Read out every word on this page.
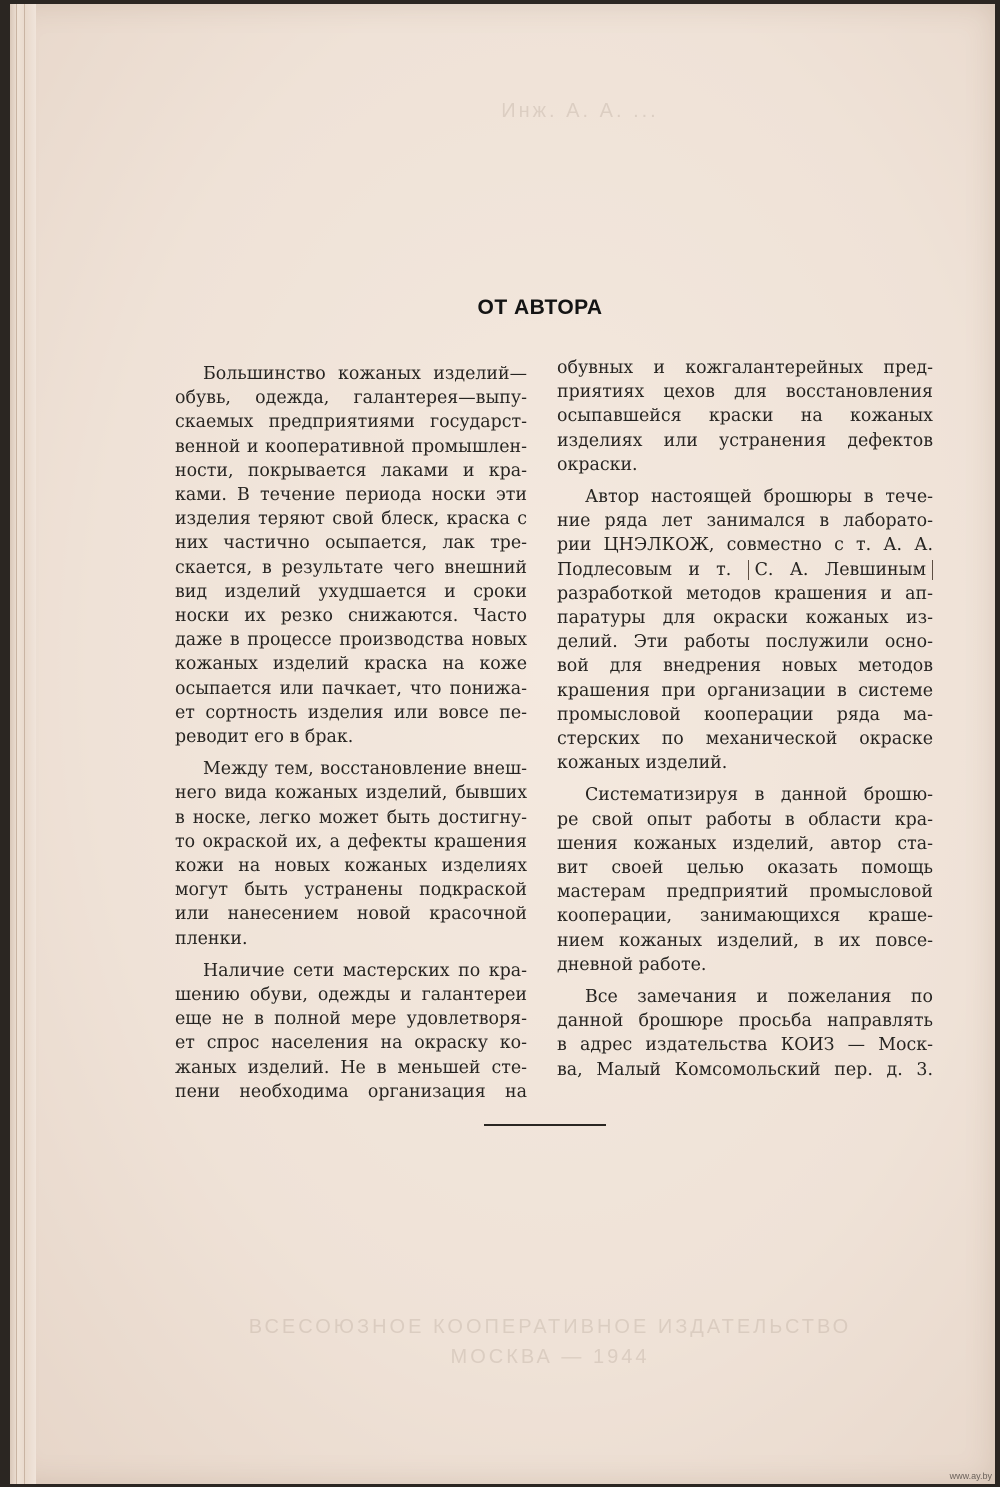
Инж. А. А. ...
ВСЕСОЮЗНОЕ КООПЕРАТИВНОЕ ИЗДАТЕЛЬСТВО
МОСКВА — 1944
ОТ АВТОРА
Большинство кожаных изделий—
обувь, одежда, галантерея—выпу-
скаемых предприятиями государст-
венной и кооперативной промышлен-
ности, покрывается лаками и кра-
ками. В течение периода носки эти
изделия теряют свой блеск, краска с
них частично осыпается, лак тре-
скается, в результате чего внешний
вид изделий ухудшается и сроки
носки их резко снижаются. Часто
даже в процессе производства новых
кожаных изделий краска на коже
осыпается или пачкает, что понижа-
ет сортность изделия или вовсе пе-
реводит его в брак.
Между тем, восстановление внеш-
него вида кожаных изделий, бывших
в носке, легко может быть достигну-
то окраской их, а дефекты крашения
кожи на новых кожаных изделиях
могут быть устранены подкраской
или нанесением новой красочной
пленки.
Наличие сети мастерских по кра-
шению обуви, одежды и галантереи
еще не в полной мере удовлетворя-
ет спрос населения на окраску ко-
жаных изделий. Не в меньшей сте-
пени необходима организация на
обувных и кожгалантерейных пред-
приятиях цехов для восстановления
осыпавшейся краски на кожаных
изделиях или устранения дефектов
окраски.
Автор настоящей брошюры в тече-
ние ряда лет занимался в лаборато-
рии ЦНЭЛКОЖ, совместно с т. А. А.
Подлесовым и т. С. А. Левшиным
разработкой методов крашения и ап-
паратуры для окраски кожаных из-
делий. Эти работы послужили осно-
вой для внедрения новых методов
крашения при организации в системе
промысловой кооперации ряда ма-
стерских по механической окраске
кожаных изделий.
Систематизируя в данной брошю-
ре свой опыт работы в области кра-
шения кожаных изделий, автор ста-
вит своей целью оказать помощь
мастерам предприятий промысловой
кооперации, занимающихся краше-
нием кожаных изделий, в их повсе-
дневной работе.
Все замечания и пожелания по
данной брошюре просьба направлять
в адрес издательства КОИЗ — Моск-
ва, Малый Комсомольский пер. д. 3.
www.ay.by
